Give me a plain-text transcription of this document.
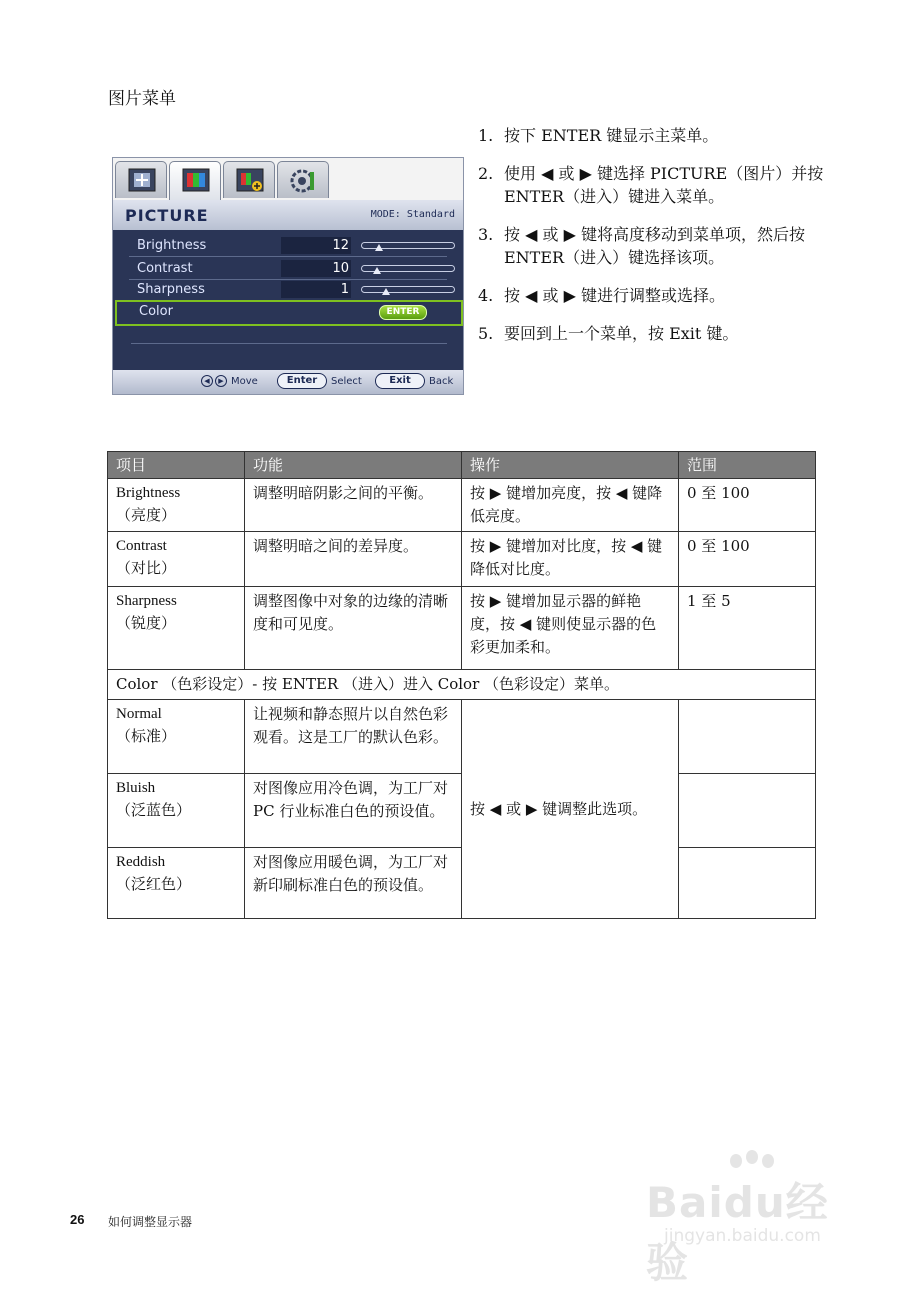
图片菜单
PICTURE	MODE: Standard
Brightness	12
Contrast	10
Sharpness	1
Color	ENTER
◀	▶ Move	Enter	Select	Exit	Back
1. 按下 ENTER 键显示主菜单。
2. 使用 ◀ 或 ▶ 键选择 PICTURE（图片）并按 ENTER（进入）键进入菜单。
3. 按 ◀ 或 ▶ 键将高度移动到菜单项，然后按 ENTER（进入）键选择该项。
4. 按 ◀ 或 ▶ 键进行调整或选择。
5. 要回到上一个菜单，按 Exit 键。
项目	功能	操作	范围

Brightness
（亮度）	调整明暗阴影之间的平衡。	按 ▶ 键增加亮度，按 ◀ 键降低亮度。	0 至 100

Contrast
（对比）	调整明暗之间的差异度。	按 ▶ 键增加对比度，按 ◀ 键降低对比度。	0 至 100

Sharpness
（锐度）	调整图像中对象的边缘的清晰度和可见度。	按 ▶ 键增加显示器的鲜艳度，按 ◀ 键则使显示器的色彩更加柔和。	1 至 5
Color （色彩设定）- 按 ENTER （进入）进入 Color （色彩设定）菜单。			

Normal
（标准）	让视频和静态照片以自然色彩观看。这是工厂的默认色彩。	按 ◀ 或 ▶ 键调整此选项。	

Bluish
（泛蓝色）	对图像应用冷色调，为工厂对 PC 行业标准白色的预设值。		

Reddish
（泛红色）	对图像应用暖色调，为工厂对新印刷标准白色的预设值。		
26 如何调整显示器	Baidu经验
jingyan.baidu.com
